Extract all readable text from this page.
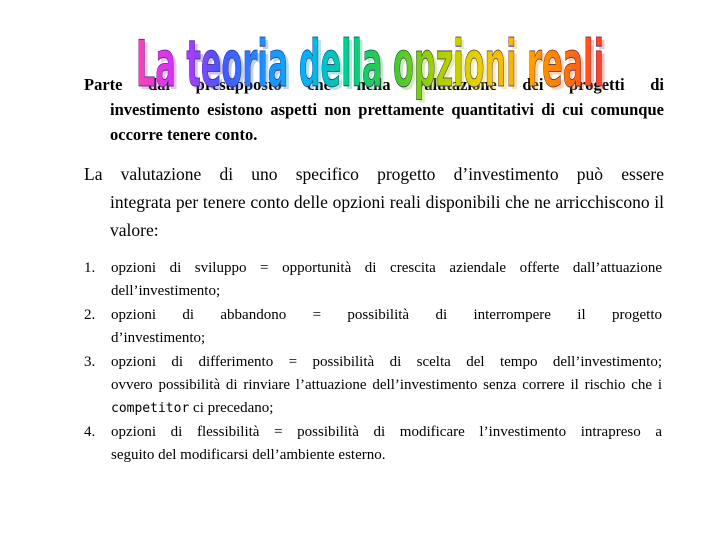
Parte dal presupposto che nella valutazione dei progetti di
investimento esistono aspetti non prettamente quantitativi di cui comunque occorre tenere conto.
La teoria della opzioni reali
La teoria della opzioni reali
La valutazione di uno specifico progetto d’investimento può essere
integrata per tenere conto delle opzioni reali disponibili che ne arricchiscono il valore:
1. opzioni di sviluppo = opportunità di crescita aziendale offerte dall’attuazione
dell’investimento;
2. opzioni di abbandono = possibilità di interrompere il progetto
d’investimento;
3. opzioni di differimento = possibilità di scelta del tempo dell’investimento;
ovvero possibilità di rinviare l’attuazione dell’investimento senza correre il rischio che i competitor ci precedano;
4. opzioni di flessibilità = possibilità di modificare l’investimento intrapreso a
seguito del modificarsi dell’ambiente esterno.
